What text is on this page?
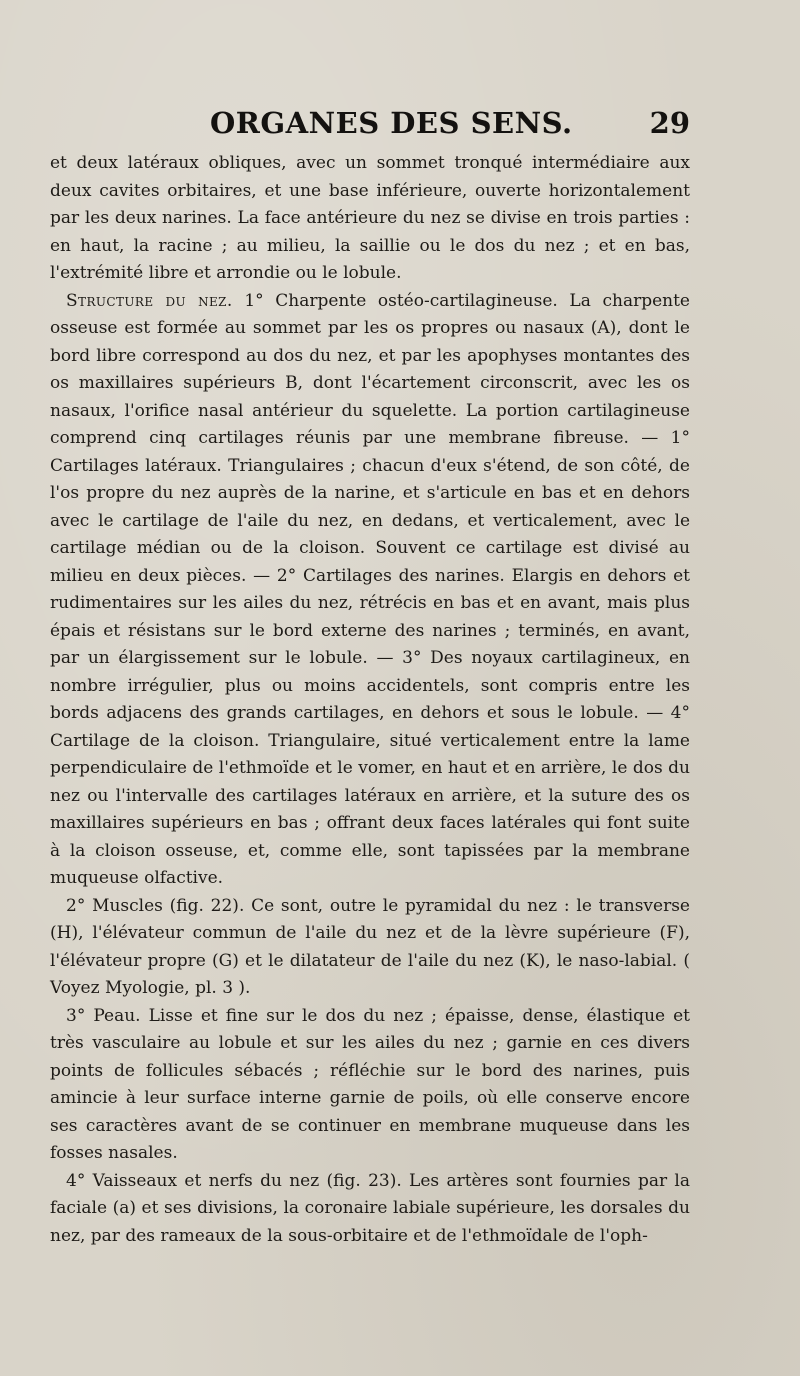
ORGANES DES SENS.	29

et deux latéraux obliques, avec un sommet tronqué intermédiaire aux deux cavites orbitaires, et une base inférieure, ouverte horizontalement par les deux narines. La face antérieure du nez se divise en trois parties : en haut, la racine ; au milieu, la saillie ou le dos du nez ; et en bas, l'extrémité libre et arrondie ou le lobule.

Structure du nez. 1° Charpente ostéo-cartilagineuse. La charpente osseuse est formée au sommet par les os propres ou nasaux (A), dont le bord libre correspond au dos du nez, et par les apophyses montantes des os maxillaires supérieurs B, dont l'écartement circonscrit, avec les os nasaux, l'orifice nasal antérieur du squelette. La portion cartilagineuse comprend cinq cartilages réunis par une membrane fibreuse. — 1° Cartilages latéraux. Triangulaires ; chacun d'eux s'étend, de son côté, de l'os propre du nez auprès de la narine, et s'articule en bas et en dehors avec le cartilage de l'aile du nez, en dedans, et verticalement, avec le cartilage médian ou de la cloison. Souvent ce cartilage est divisé au milieu en deux pièces. — 2° Cartilages des narines. Elargis en dehors et rudimentaires sur les ailes du nez, rétrécis en bas et en avant, mais plus épais et résistans sur le bord externe des narines ; terminés, en avant, par un élargissement sur le lobule. — 3° Des noyaux cartilagineux, en nombre irrégulier, plus ou moins accidentels, sont compris entre les bords adjacens des grands cartilages, en dehors et sous le lobule. — 4° Cartilage de la cloison. Triangulaire, situé verticalement entre la lame perpendiculaire de l'ethmoïde et le vomer, en haut et en arrière, le dos du nez ou l'intervalle des cartilages latéraux en arrière, et la suture des os maxillaires supérieurs en bas ; offrant deux faces latérales qui font suite à la cloison osseuse, et, comme elle, sont tapissées par la membrane muqueuse olfactive.

2° Muscles (fig. 22). Ce sont, outre le pyramidal du nez : le transverse (H), l'élévateur commun de l'aile du nez et de la lèvre supérieure (F), l'élévateur propre (G) et le dilatateur de l'aile du nez (K), le naso-labial. ( Voyez Myologie, pl. 3 ).

3° Peau. Lisse et fine sur le dos du nez ; épaisse, dense, élastique et très vasculaire au lobule et sur les ailes du nez ; garnie en ces divers points de follicules sébacés ; réfléchie sur le bord des narines, puis amincie à leur surface interne garnie de poils, où elle conserve encore ses caractères avant de se continuer en membrane muqueuse dans les fosses nasales.

4° Vaisseaux et nerfs du nez (fig. 23). Les artères sont fournies par la faciale (a) et ses divisions, la coronaire labiale supérieure, les dorsales du nez, par des rameaux de la sous-orbitaire et de l'ethmoïdale de l'oph-
